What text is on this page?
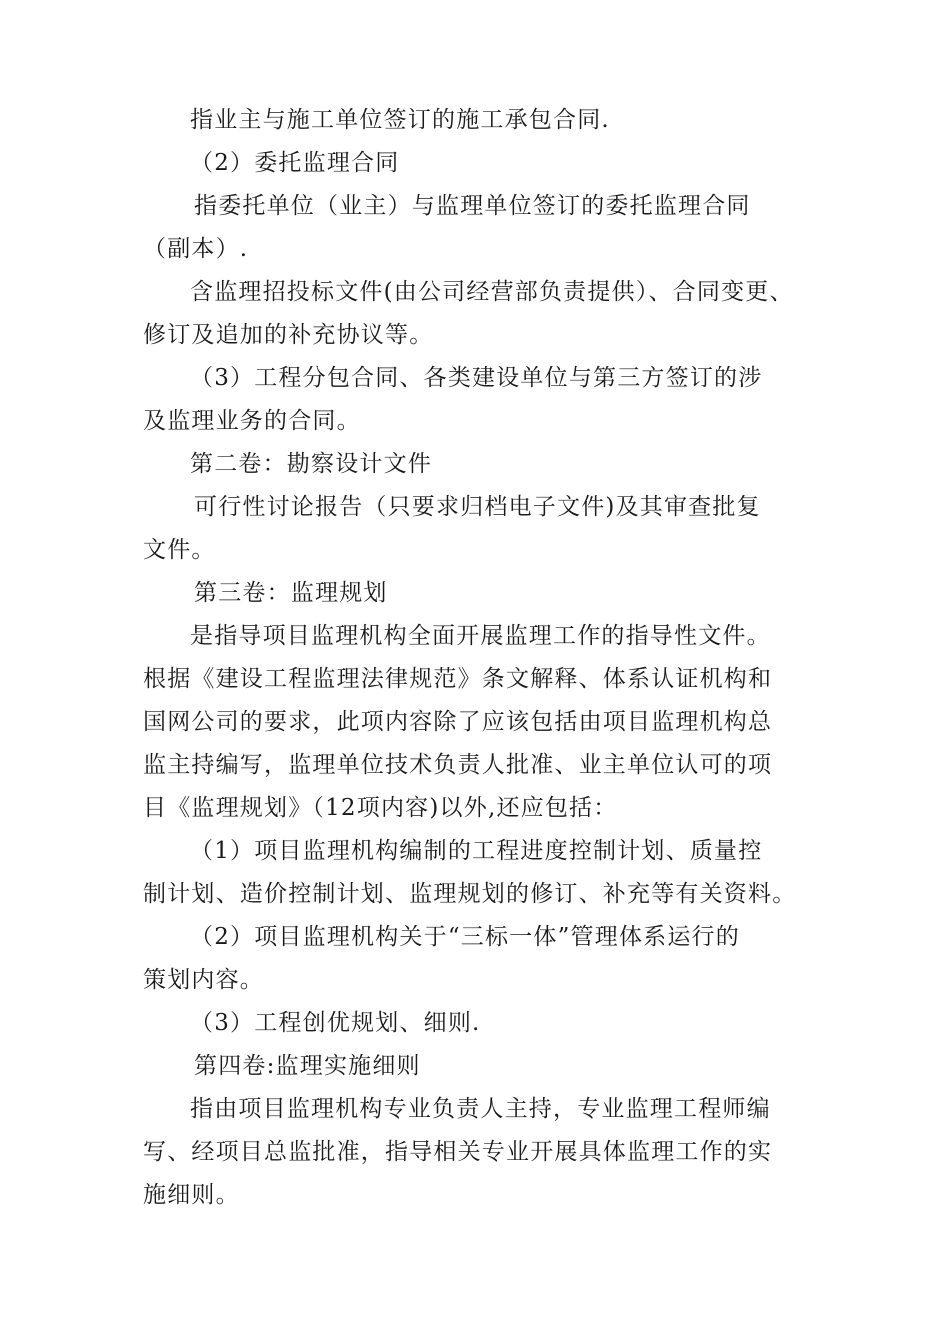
指业主与施工单位签订的施工承包合同.
（2）委托监理合同
指委托单位（业主）与监理单位签订的委托监理合同
（副本）.
含监理招投标文件(由公司经营部负责提供）、合同变更、
修订及追加的补充协议等。
（3）工程分包合同、各类建设单位与第三方签订的涉
及监理业务的合同。
第二卷：勘察设计文件
可行性讨论报告（只要求归档电子文件)及其审查批复
文件。
第三卷：监理规划
是指导项目监理机构全面开展监理工作的指导性文件。
根据《建设工程监理法律规范》条文解释、体系认证机构和
国网公司的要求，此项内容除了应该包括由项目监理机构总
监主持编写，监理单位技术负责人批准、业主单位认可的项
目《监理规划》（12项内容)以外,还应包括：
（1）项目监理机构编制的工程进度控制计划、质量控
制计划、造价控制计划、监理规划的修订、补充等有关资料。
（2）项目监理机构关于“三标一体”管理体系运行的
策划内容。
（3）工程创优规划、细则.
第四卷:监理实施细则
指由项目监理机构专业负责人主持，专业监理工程师编
写、经项目总监批准，指导相关专业开展具体监理工作的实
施细则。
